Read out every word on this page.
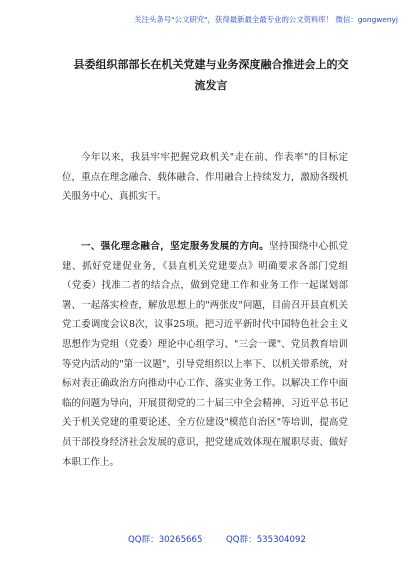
关注头条号"公文研究"，获得最新最全最专业的公文资料库！ 微信：gongwenyj
县委组织部部长在机关党建与业务深度融合推进会上的交流发言

今年以来，我县牢牢把握党政机关"走在前、作表率"的目标定位，重点在理念融合、载体融合、作用融合上持续发力，激励各级机关服务中心、真抓实干。

一、强化理念融合，坚定服务发展的方向。坚持围绕中心抓党建、抓好党建促业务，《县直机关党建要点》明确要求各部门党组（党委）找准二者的结合点，做到党建工作和业务工作一起谋划部署、一起落实检查，解放思想上的"两张皮"问题，目前召开县直机关党工委调度会议8次，议事25项。把习近平新时代中国特色社会主义思想作为党组（党委）理论中心组学习、"三会一课"、党员教育培训等党内活动的"第一议题"，引导党组织以上率下、以机关带系统，对标对表正确政治方向推动中心工作、落实业务工作。以解决工作中面临的问题为导向，开展贯彻党的二十届三中全会精神、习近平总书记关于机关党建的重要论述、全方位建设"模范自治区"等培训，提高党员干部投身经济社会发展的意识，把党建成效体现在履职尽责、做好本职工作上。

QQ群：30265665	QQ群：535304092
